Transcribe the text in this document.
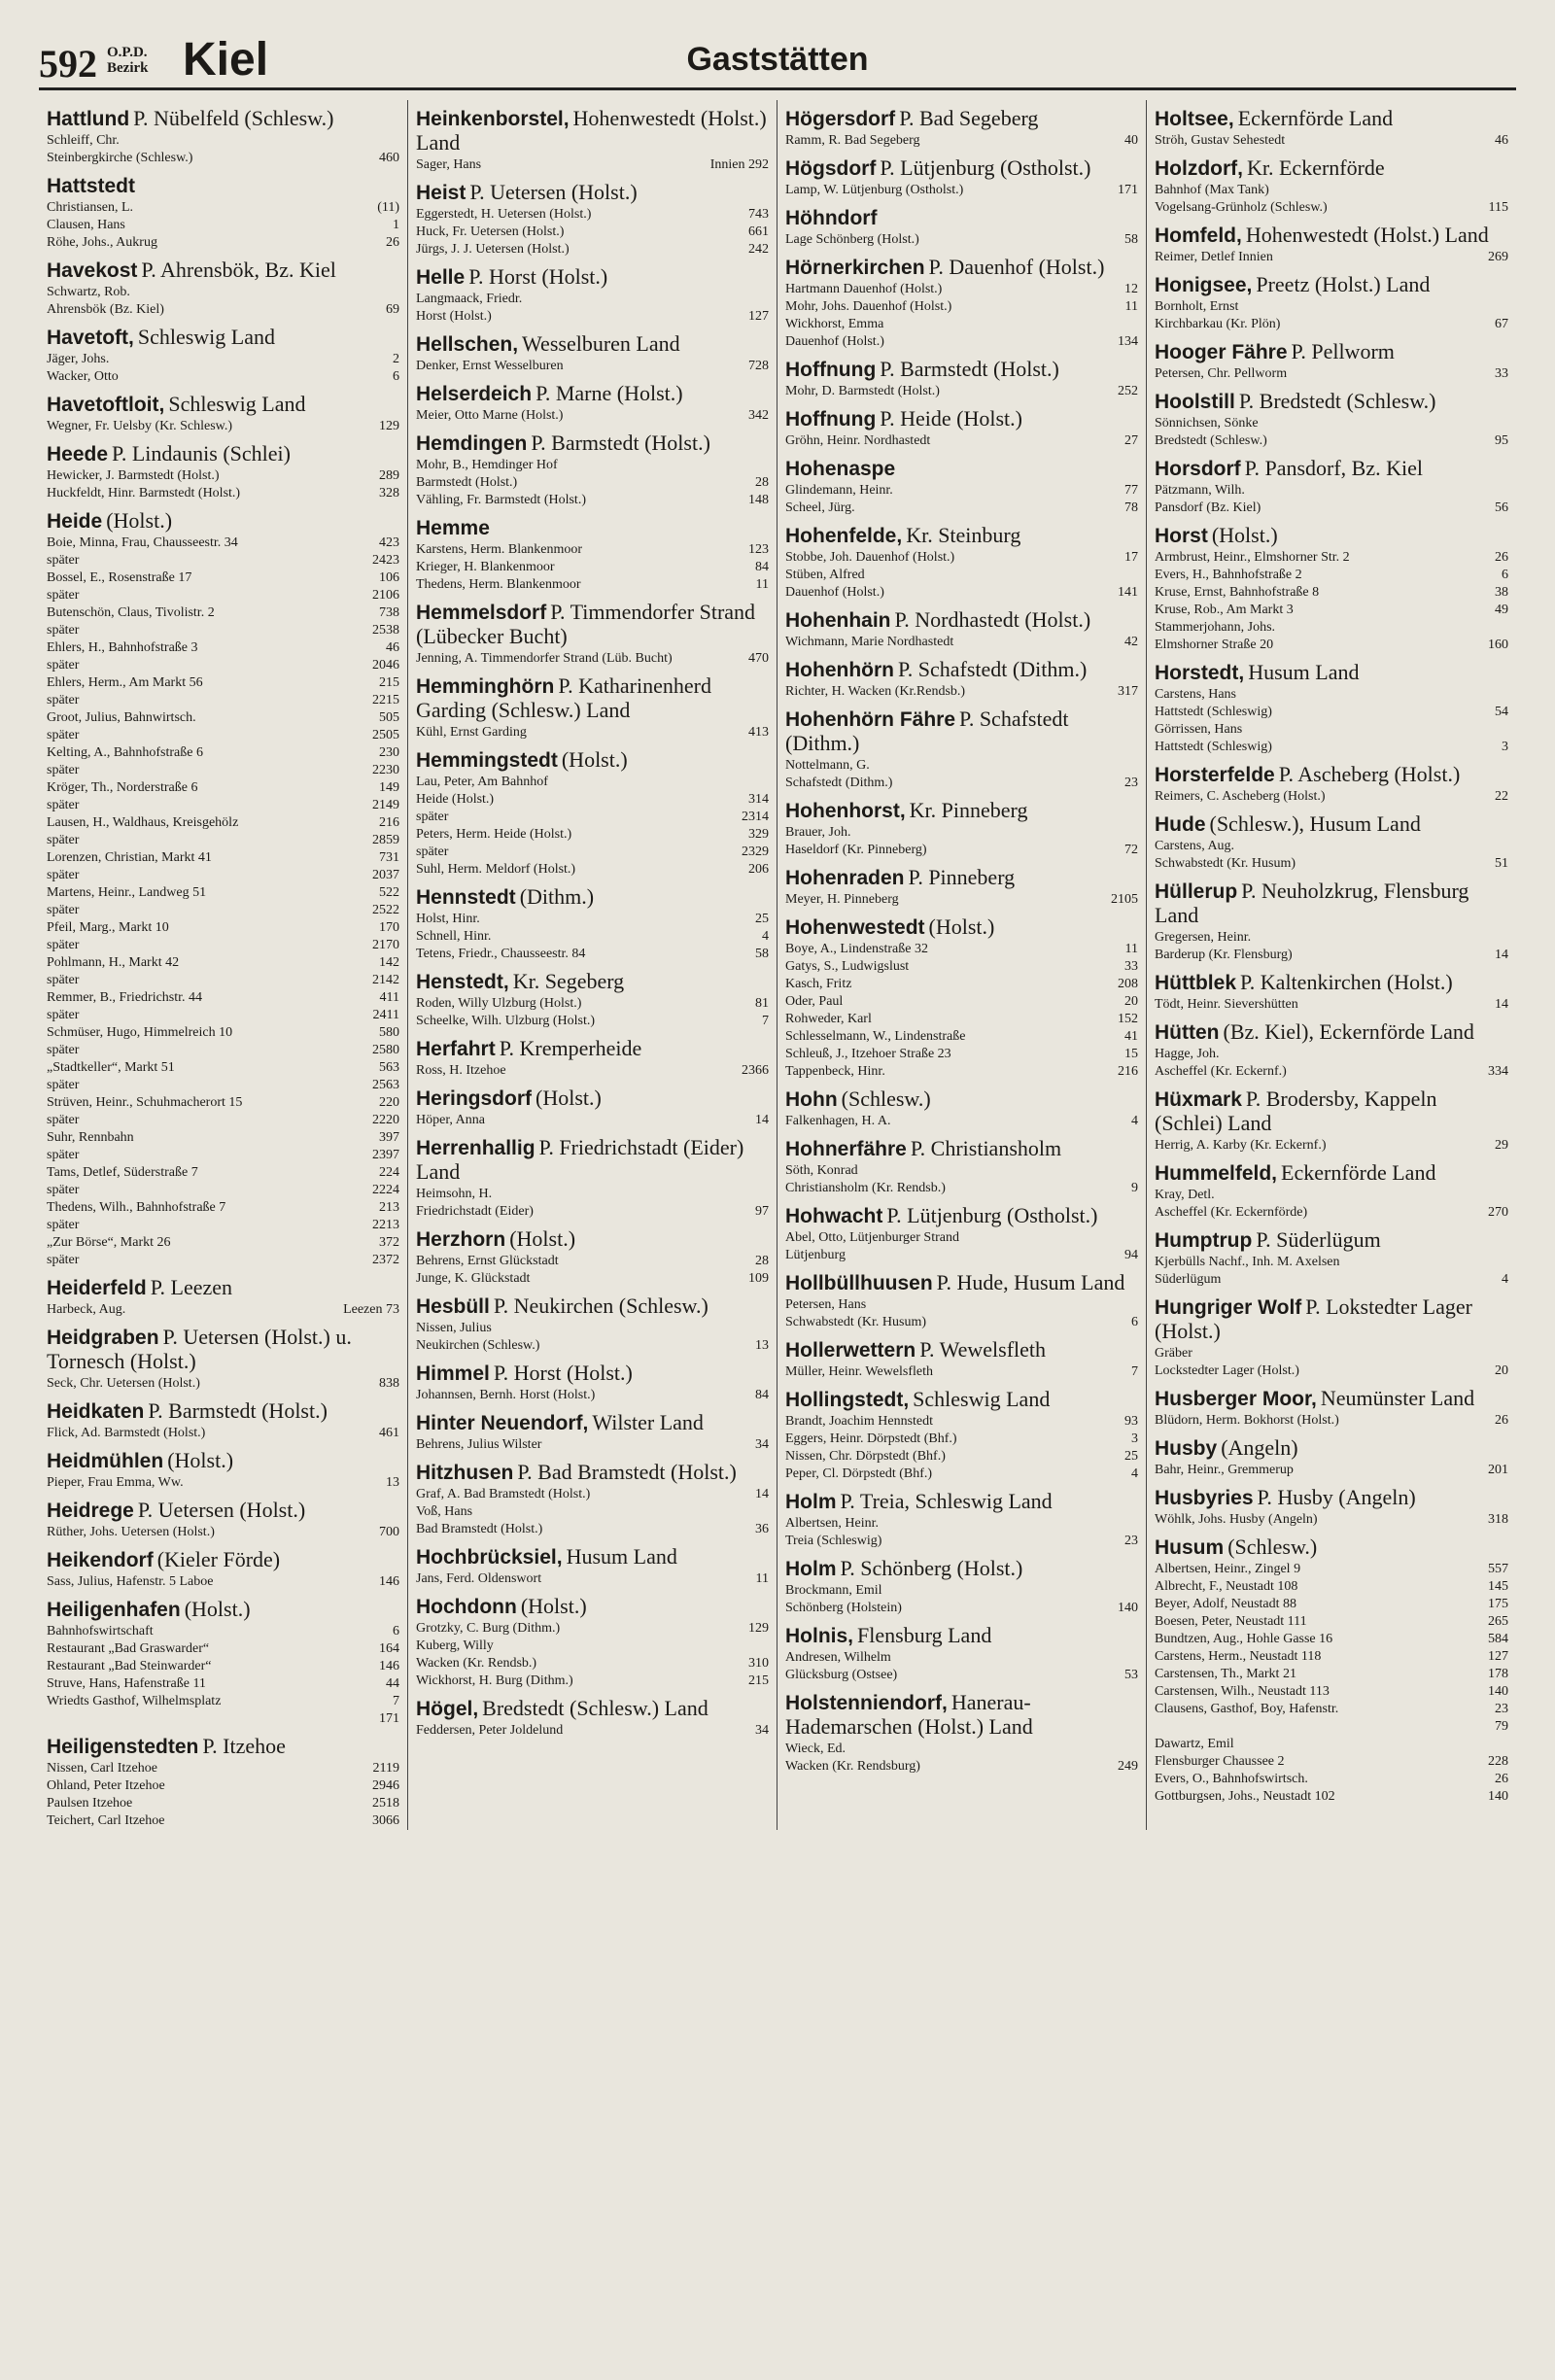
592 O.P.D.
Bezirk Kiel	Gaststätten
Hattlund P. Nübelfeld (Schlesw.)
Schleiff, Chr.
Steinbergkirche (Schlesw.)	460
Hattstedt
Christiansen, L.	(11)
Clausen, Hans	1
Röhe, Johs., Aukrug	26
Havekost P. Ahrensbök, Bz. Kiel
Schwartz, Rob.
Ahrensbök (Bz. Kiel)	69
Havetoft, Schleswig Land
Jäger, Johs.	2
Wacker, Otto	6
Havetoftloit, Schleswig Land
Wegner, Fr. Uelsby (Kr. Schlesw.)	129
Heede P. Lindaunis (Schlei)
Hewicker, J. Barmstedt (Holst.)	289
Huckfeldt, Hinr. Barmstedt (Holst.)	328
Heide (Holst.)
Boie, Minna, Frau, Chausseestr. 34	423
später	2423
Bossel, E., Rosenstraße 17	106
später	2106
Butenschön, Claus, Tivolistr. 2	738
später	2538
Ehlers, H., Bahnhofstraße 3	46
später	2046
Ehlers, Herm., Am Markt 56	215
später	2215
Groot, Julius, Bahnwirtsch.	505
später	2505
Kelting, A., Bahnhofstraße 6	230
später	2230
Kröger, Th., Norderstraße 6	149
später	2149
Lausen, H., Waldhaus, Kreisgehölz	216
später	2859
Lorenzen, Christian, Markt 41	731
später	2037
Martens, Heinr., Landweg 51	522
später	2522
Pfeil, Marg., Markt 10	170
später	2170
Pohlmann, H., Markt 42	142
später	2142
Remmer, B., Friedrichstr. 44	411
später	2411
Schmüser, Hugo, Himmelreich 10	580
später	2580
„Stadtkeller“, Markt 51	563
später	2563
Strüven, Heinr., Schuhmacherort 15	220
später	2220
Suhr, Rennbahn	397
später	2397
Tams, Detlef, Süderstraße 7	224
später	2224
Thedens, Wilh., Bahnhofstraße 7	213
später	2213
„Zur Börse“, Markt 26	372
später	2372
Heiderfeld P. Leezen
Harbeck, Aug.	Leezen 73
Heidgraben P. Uetersen (Holst.) u. Tornesch (Holst.)
Seck, Chr. Uetersen (Holst.)	838
Heidkaten P. Barmstedt (Holst.)
Flick, Ad. Barmstedt (Holst.)	461
Heidmühlen (Holst.)
Pieper, Frau Emma, Ww.	13
Heidrege P. Uetersen (Holst.)
Rüther, Johs. Uetersen (Holst.)	700
Heikendorf (Kieler Förde)
Sass, Julius, Hafenstr. 5 Laboe	146
Heiligenhafen (Holst.)
Bahnhofswirtschaft	6
Restaurant „Bad Graswarder“	164
Restaurant „Bad Steinwarder“	146
Struve, Hans, Hafenstraße 11	44
Wriedts Gasthof, Wilhelmsplatz	7
171
Heiligenstedten P. Itzehoe
Nissen, Carl Itzehoe	2119
Ohland, Peter Itzehoe	2946
Paulsen Itzehoe	2518
Teichert, Carl Itzehoe	3066
Heinkenborstel, Hohenwestedt (Holst.) Land
Sager, Hans	Innien 292
Heist P. Uetersen (Holst.)
Eggerstedt, H. Uetersen (Holst.)	743
Huck, Fr. Uetersen (Holst.)	661
Jürgs, J. J. Uetersen (Holst.)	242
Helle P. Horst (Holst.)
Langmaack, Friedr.
Horst (Holst.)	127
Hellschen, Wesselburen Land
Denker, Ernst Wesselburen	728
Helserdeich P. Marne (Holst.)
Meier, Otto Marne (Holst.)	342
Hemdingen P. Barmstedt (Holst.)
Mohr, B., Hemdinger Hof
Barmstedt (Holst.)	28
Vähling, Fr. Barmstedt (Holst.)	148
Hemme
Karstens, Herm. Blankenmoor	123
Krieger, H. Blankenmoor	84
Thedens, Herm. Blankenmoor	11
Hemmelsdorf P. Timmendorfer Strand (Lübecker Bucht)
Jenning, A. Timmendorfer Strand (Lüb. Bucht)	470
Hemminghörn P. Katharinenherd Garding (Schlesw.) Land
Kühl, Ernst Garding	413
Hemmingstedt (Holst.)
Lau, Peter, Am Bahnhof
Heide (Holst.)	314
später	2314
Peters, Herm. Heide (Holst.)	329
später	2329
Suhl, Herm. Meldorf (Holst.)	206
Hennstedt (Dithm.)
Holst, Hinr.	25
Schnell, Hinr.	4
Tetens, Friedr., Chausseestr. 84	58
Henstedt, Kr. Segeberg
Roden, Willy Ulzburg (Holst.)	81
Scheelke, Wilh. Ulzburg (Holst.)	7
Herfahrt P. Kremperheide
Ross, H. Itzehoe	2366
Heringsdorf (Holst.)
Höper, Anna	14
Herrenhallig P. Friedrichstadt (Eider) Land
Heimsohn, H.
Friedrichstadt (Eider)	97
Herzhorn (Holst.)
Behrens, Ernst Glückstadt	28
Junge, K. Glückstadt	109
Hesbüll P. Neukirchen (Schlesw.)
Nissen, Julius
Neukirchen (Schlesw.)	13
Himmel P. Horst (Holst.)
Johannsen, Bernh. Horst (Holst.)	84
Hinter Neuendorf, Wilster Land
Behrens, Julius Wilster	34
Hitzhusen P. Bad Bramstedt (Holst.)
Graf, A. Bad Bramstedt (Holst.)	14
Voß, Hans
Bad Bramstedt (Holst.)	36
Hochbrücksiel, Husum Land
Jans, Ferd. Oldenswort	11
Hochdonn (Holst.)
Grotzky, C. Burg (Dithm.)	129
Kuberg, Willy
Wacken (Kr. Rendsb.)	310
Wickhorst, H. Burg (Dithm.)	215
Högel, Bredstedt (Schlesw.) Land
Feddersen, Peter Joldelund	34
Högersdorf P. Bad Segeberg
Ramm, R. Bad Segeberg	40
Högsdorf P. Lütjenburg (Ostholst.)
Lamp, W. Lütjenburg (Ostholst.)	171
Höhndorf
Lage Schönberg (Holst.)	58
Hörnerkirchen P. Dauenhof (Holst.)
Hartmann Dauenhof (Holst.)	12
Mohr, Johs. Dauenhof (Holst.)	11
Wickhorst, Emma
Dauenhof (Holst.)	134
Hoffnung P. Barmstedt (Holst.)
Mohr, D. Barmstedt (Holst.)	252
Hoffnung P. Heide (Holst.)
Gröhn, Heinr. Nordhastedt	27
Hohenaspe
Glindemann, Heinr.	77
Scheel, Jürg.	78
Hohenfelde, Kr. Steinburg
Stobbe, Joh. Dauenhof (Holst.)	17
Stüben, Alfred
Dauenhof (Holst.)	141
Hohenhain P. Nordhastedt (Holst.)
Wichmann, Marie Nordhastedt	42
Hohenhörn P. Schafstedt (Dithm.)
Richter, H. Wacken (Kr.Rendsb.)	317
Hohenhörn Fähre P. Schafstedt (Dithm.)
Nottelmann, G.
Schafstedt (Dithm.)	23
Hohenhorst, Kr. Pinneberg
Brauer, Joh.
Haseldorf (Kr. Pinneberg)	72
Hohenraden P. Pinneberg
Meyer, H. Pinneberg	2105
Hohenwestedt (Holst.)
Boye, A., Lindenstraße 32	11
Gatys, S., Ludwigslust	33
Kasch, Fritz	208
Oder, Paul	20
Rohweder, Karl	152
Schlesselmann, W., Lindenstraße	41
Schleuß, J., Itzehoer Straße 23	15
Tappenbeck, Hinr.	216
Hohn (Schlesw.)
Falkenhagen, H. A.	4
Hohnerfähre P. Christiansholm
Söth, Konrad
Christiansholm (Kr. Rendsb.)	9
Hohwacht P. Lütjenburg (Ostholst.)
Abel, Otto, Lütjenburger Strand
Lütjenburg	94
Hollbüllhuusen P. Hude, Husum Land
Petersen, Hans
Schwabstedt (Kr. Husum)	6
Hollerwettern P. Wewelsfleth
Müller, Heinr. Wewelsfleth	7
Hollingstedt, Schleswig Land
Brandt, Joachim Hennstedt	93
Eggers, Heinr. Dörpstedt (Bhf.)	3
Nissen, Chr. Dörpstedt (Bhf.)	25
Peper, Cl. Dörpstedt (Bhf.)	4
Holm P. Treia, Schleswig Land
Albertsen, Heinr.
Treia (Schleswig)	23
Holm P. Schönberg (Holst.)
Brockmann, Emil
Schönberg (Holstein)	140
Holnis, Flensburg Land
Andresen, Wilhelm
Glücksburg (Ostsee)	53
Holstenniendorf, Hanerau-Hademarschen (Holst.) Land
Wieck, Ed.
Wacken (Kr. Rendsburg)	249
Holtsee, Eckernförde Land
Ströh, Gustav Sehestedt	46
Holzdorf, Kr. Eckernförde
Bahnhof (Max Tank)
Vogelsang-Grünholz (Schlesw.)	115
Homfeld, Hohenwestedt (Holst.) Land
Reimer, Detlef Innien	269
Honigsee, Preetz (Holst.) Land
Bornholt, Ernst
Kirchbarkau (Kr. Plön)	67
Hooger Fähre P. Pellworm
Petersen, Chr. Pellworm	33
Hoolstill P. Bredstedt (Schlesw.)
Sönnichsen, Sönke
Bredstedt (Schlesw.)	95
Horsdorf P. Pansdorf, Bz. Kiel
Pätzmann, Wilh.
Pansdorf (Bz. Kiel)	56
Horst (Holst.)
Armbrust, Heinr., Elmshorner Str. 2	26
Evers, H., Bahnhofstraße 2	6
Kruse, Ernst, Bahnhofstraße 8	38
Kruse, Rob., Am Markt 3	49
Stammerjohann, Johs.
Elmshorner Straße 20	160
Horstedt, Husum Land
Carstens, Hans
Hattstedt (Schleswig)	54
Görrissen, Hans
Hattstedt (Schleswig)	3
Horsterfelde P. Ascheberg (Holst.)
Reimers, C. Ascheberg (Holst.)	22
Hude (Schlesw.), Husum Land
Carstens, Aug.
Schwabstedt (Kr. Husum)	51
Hüllerup P. Neuholzkrug, Flensburg Land
Gregersen, Heinr.
Barderup (Kr. Flensburg)	14
Hüttblek P. Kaltenkirchen (Holst.)
Tödt, Heinr. Sievershütten	14
Hütten (Bz. Kiel), Eckernförde Land
Hagge, Joh.
Ascheffel (Kr. Eckernf.)	334
Hüxmark P. Brodersby, Kappeln (Schlei) Land
Herrig, A. Karby (Kr. Eckernf.)	29
Hummelfeld, Eckernförde Land
Kray, Detl.
Ascheffel (Kr. Eckernförde)	270
Humptrup P. Süderlügum
Kjerbülls Nachf., Inh. M. Axelsen
Süderlügum	4
Hungriger Wolf P. Lokstedter Lager (Holst.)
Gräber
Lockstedter Lager (Holst.)	20
Husberger Moor, Neumünster Land
Blüdorn, Herm. Bokhorst (Holst.)	26
Husby (Angeln)
Bahr, Heinr., Gremmerup	201
Husbyries P. Husby (Angeln)
Wöhlk, Johs. Husby (Angeln)	318
Husum (Schlesw.)
Albertsen, Heinr., Zingel 9	557
Albrecht, F., Neustadt 108	145
Beyer, Adolf, Neustadt 88	175
Boesen, Peter, Neustadt 111	265
Bundtzen, Aug., Hohle Gasse 16	584
Carstens, Herm., Neustadt 118	127
Carstensen, Th., Markt 21	178
Carstensen, Wilh., Neustadt 113	140
Clausens, Gasthof, Boy, Hafenstr.	23
79
Dawartz, Emil
Flensburger Chaussee 2	228
Evers, O., Bahnhofswirtsch.	26
Gottburgsen, Johs., Neustadt 102	140
